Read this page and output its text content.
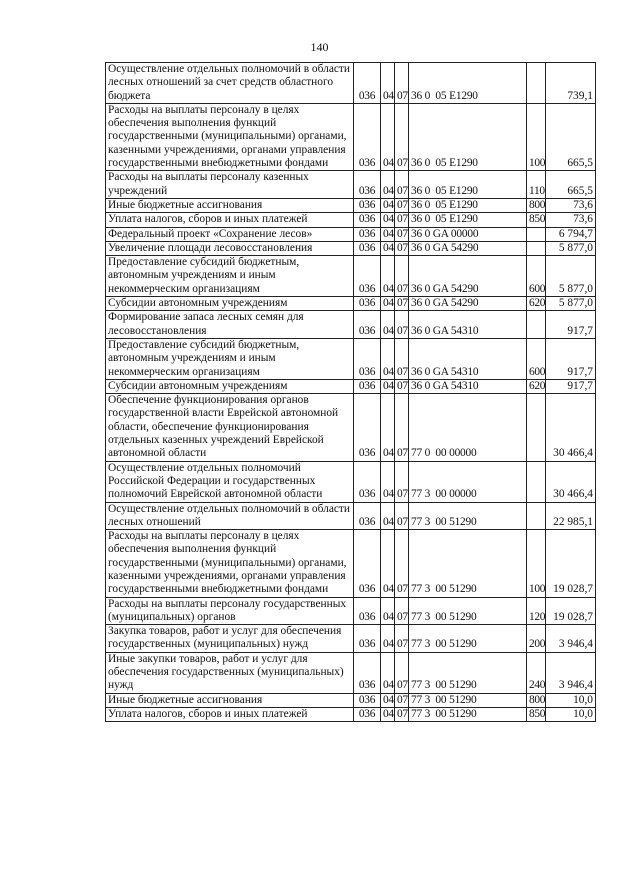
140
Осуществление отдельных полномочий в области лесных отношений за счет средств областного бюджета	036	04	07	36 0  05 E1290		739,1
Расходы на выплаты персоналу в целях обеспечения выполнения функций государственными (муниципальными) органами, казенными учреждениями, органами управления государственными внебюджетными фондами	036	04	07	36 0  05 E1290	100	665,5
Расходы на выплаты персоналу казенных учреждений	036	04	07	36 0  05 E1290	110	665,5
Иные бюджетные ассигнования	036	04	07	36 0  05 E1290	800	73,6
Уплата налогов, сборов и иных платежей	036	04	07	36 0  05 E1290	850	73,6
Федеральный проект «Сохранение лесов»	036	04	07	36 0 GA 00000		6 794,7
Увеличение площади лесовосстановления	036	04	07	36 0 GA 54290		5 877,0
Предоставление субсидий бюджетным, автономным учреждениям и иным некоммерческим организациям	036	04	07	36 0 GA 54290	600	5 877,0
Субсидии автономным учреждениям	036	04	07	36 0 GA 54290	620	5 877,0
Формирование запаса лесных семян для лесовосстановления	036	04	07	36 0 GA 54310		917,7
Предоставление субсидий бюджетным, автономным учреждениям и иным некоммерческим организациям	036	04	07	36 0 GA 54310	600	917,7
Субсидии автономным учреждениям	036	04	07	36 0 GA 54310	620	917,7
Обеспечение функционирования органов государственной власти Еврейской автономной области, обеспечение функционирования отдельных казенных учреждений Еврейской автономной области	036	04	07	77 0  00 00000		30 466,4
Осуществление отдельных полномочий Российской Федерации и государственных полномочий Еврейской автономной области	036	04	07	77 3  00 00000		30 466,4
Осуществление отдельных полномочий в области лесных отношений	036	04	07	77 3  00 51290		22 985,1
Расходы на выплаты персоналу в целях обеспечения выполнения функций государственными (муниципальными) органами, казенными учреждениями, органами управления государственными внебюджетными фондами	036	04	07	77 3  00 51290	100	19 028,7
Расходы на выплаты персоналу государственных (муниципальных) органов	036	04	07	77 3  00 51290	120	19 028,7
Закупка товаров, работ и услуг для обеспечения государственных (муниципальных) нужд	036	04	07	77 3  00 51290	200	3 946,4
Иные закупки товаров, работ и услуг для обеспечения государственных (муниципальных) нужд	036	04	07	77 3  00 51290	240	3 946,4
Иные бюджетные ассигнования	036	04	07	77 3  00 51290	800	10,0
Уплата налогов, сборов и иных платежей	036	04	07	77 3  00 51290	850	10,0
